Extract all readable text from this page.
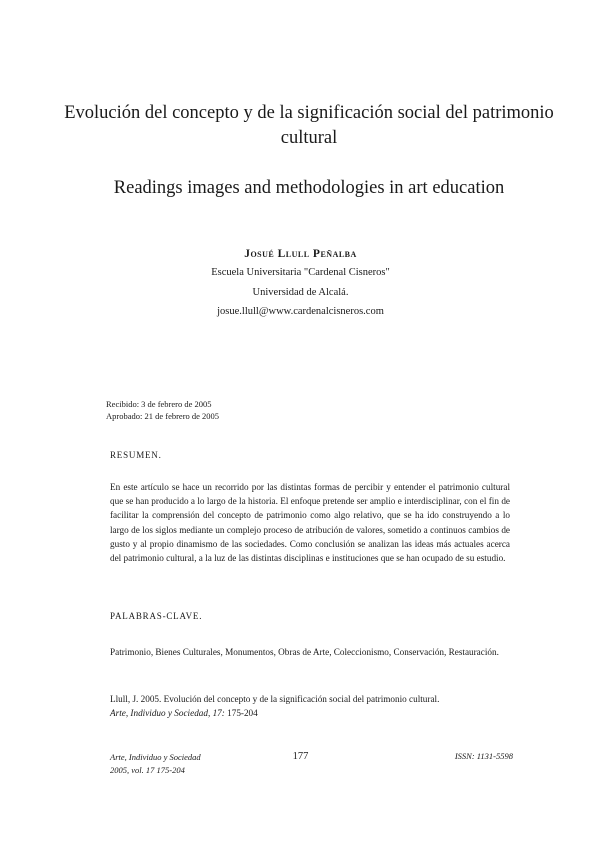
Evolución del concepto y de la significación social del patrimonio cultural
Readings images and methodologies in art education
Josué Llull Peñalba
Escuela Universitaria "Cardenal Cisneros"
Universidad de Alcalá.
josue.llull@www.cardenalcisneros.com
Recibido: 3 de febrero de 2005
Aprobado: 21 de febrero de 2005
RESUMEN.
En este artículo se hace un recorrido por las distintas formas de percibir y entender el patrimonio cultural que se han producido a lo largo de la historia. El enfoque pretende ser amplio e interdisciplinar, con el fin de facilitar la comprensión del concepto de patrimonio como algo relativo, que se ha ido construyendo a lo largo de los siglos mediante un complejo proceso de atribución de valores, sometido a continuos cambios de gusto y al propio dinamismo de las sociedades. Como conclusión se analizan las ideas más actuales acerca del patrimonio cultural, a la luz de las distintas disciplinas e instituciones que se han ocupado de su estudio.
PALABRAS-CLAVE.
Patrimonio, Bienes Culturales, Monumentos, Obras de Arte, Coleccionismo, Conservación, Restauración.
Llull, J. 2005. Evolución del concepto y de la significación social del patrimonio cultural.
Arte, Individuo y Sociedad, 17: 175-204
Arte, Individuo y Sociedad
2005, vol. 17 175-204
177	ISSN: 1131-5598
